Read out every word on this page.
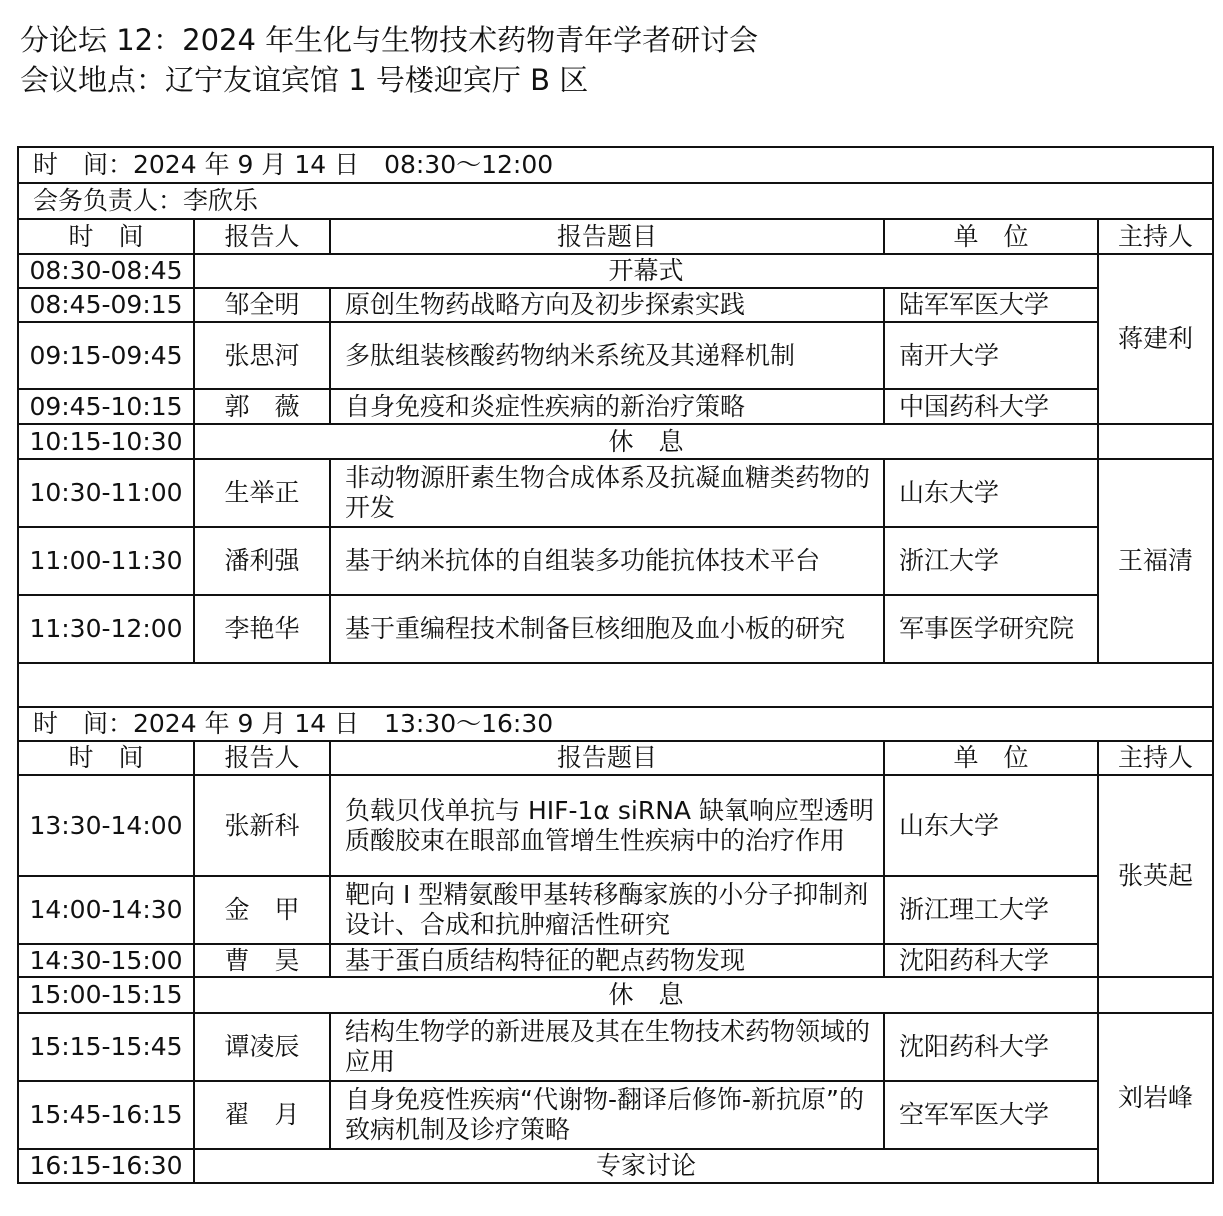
分论坛 12：2024 年生化与生物技术药物青年学者研讨会
会议地点：辽宁友谊宾馆 1 号楼迎宾厅 B 区
时　间：2024 年 9 月 14 日　08:30～12:00				
会务负责人：李欣乐				
时　间	报告人	报告题目	单　位	主持人
08:30-08:45	开幕式			蒋建利
08:45-09:15	邹全明	原创生物药战略方向及初步探索实践	陆军军医大学	
09:15-09:45	张思河	多肽组装核酸药物纳米系统及其递释机制	南开大学	
09:45-10:15	郭　薇	自身免疫和炎症性疾病的新治疗策略	中国药科大学	
10:15-10:30	休　息			
10:30-11:00	生举正	非动物源肝素生物合成体系及抗凝血糖类药物的开发	山东大学	王福清
11:00-11:30	潘利强	基于纳米抗体的自组装多功能抗体技术平台	浙江大学	
11:30-12:00	李艳华	基于重编程技术制备巨核细胞及血小板的研究	军事医学研究院	

时　间：2024 年 9 月 14 日　13:30～16:30				
时　间	报告人	报告题目	单　位	主持人
13:30-14:00	张新科	负载贝伐单抗与 HIF-1α siRNA 缺氧响应型透明质酸胶束在眼部血管增生性疾病中的治疗作用	山东大学	张英起
14:00-14:30	金　甲	靶向 I 型精氨酸甲基转移酶家族的小分子抑制剂设计、合成和抗肿瘤活性研究	浙江理工大学	
14:30-15:00	曹　昊	基于蛋白质结构特征的靶点药物发现	沈阳药科大学	
15:00-15:15	休　息			
15:15-15:45	谭凌辰	结构生物学的新进展及其在生物技术药物领域的应用	沈阳药科大学	刘岩峰
15:45-16:15	翟　月	自身免疫性疾病“代谢物-翻译后修饰-新抗原”的致病机制及诊疗策略	空军军医大学	
16:15-16:30	专家讨论			
